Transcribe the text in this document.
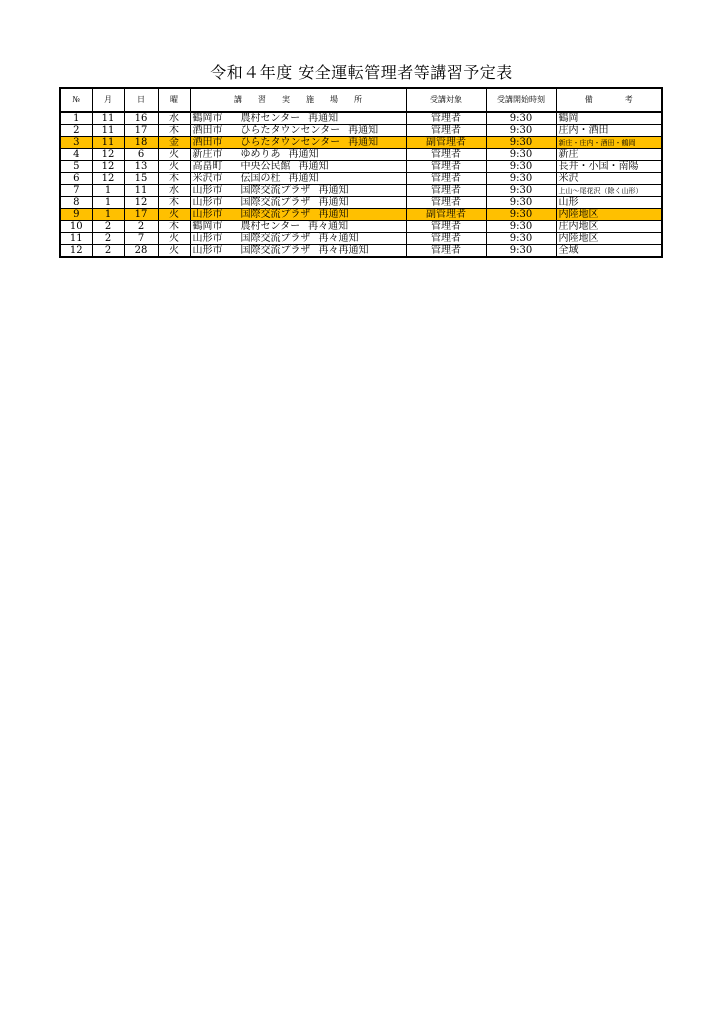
令和４年度 安全運転管理者等講習予定表
№	月	日	曜	講　　習　　実　　施　　場　　所	受講対象	受講開始時刻	備　　　　考
1	11	16	水	鶴岡市 農村センター 再通知	管理者	9:30	鶴岡
2	11	17	木	酒田市 ひらたタウンセンター 再通知	管理者	9:30	庄内・酒田
3	11	18	金	酒田市 ひらたタウンセンター 再通知	副管理者	9:30	新庄・庄内・酒田・鶴岡
4	12	6	火	新庄市 ゆめりあ 再通知	管理者	9:30	新庄
5	12	13	火	高畠町 中央公民館 再通知	管理者	9:30	長井・小国・南陽
6	12	15	木	米沢市 伝国の杜 再通知	管理者	9:30	米沢
7	1	11	水	山形市 国際交流プラザ 再通知	管理者	9:30	上山～尾花沢（除く山形）
8	1	12	木	山形市 国際交流プラザ 再通知	管理者	9:30	山形
9	1	17	火	山形市 国際交流プラザ 再通知	副管理者	9:30	内陸地区
10	2	2	木	鶴岡市 農村センター 再々通知	管理者	9:30	庄内地区
11	2	7	火	山形市 国際交流プラザ 再々通知	管理者	9:30	内陸地区
12	2	28	火	山形市 国際交流プラザ 再々再通知	管理者	9:30	全域
